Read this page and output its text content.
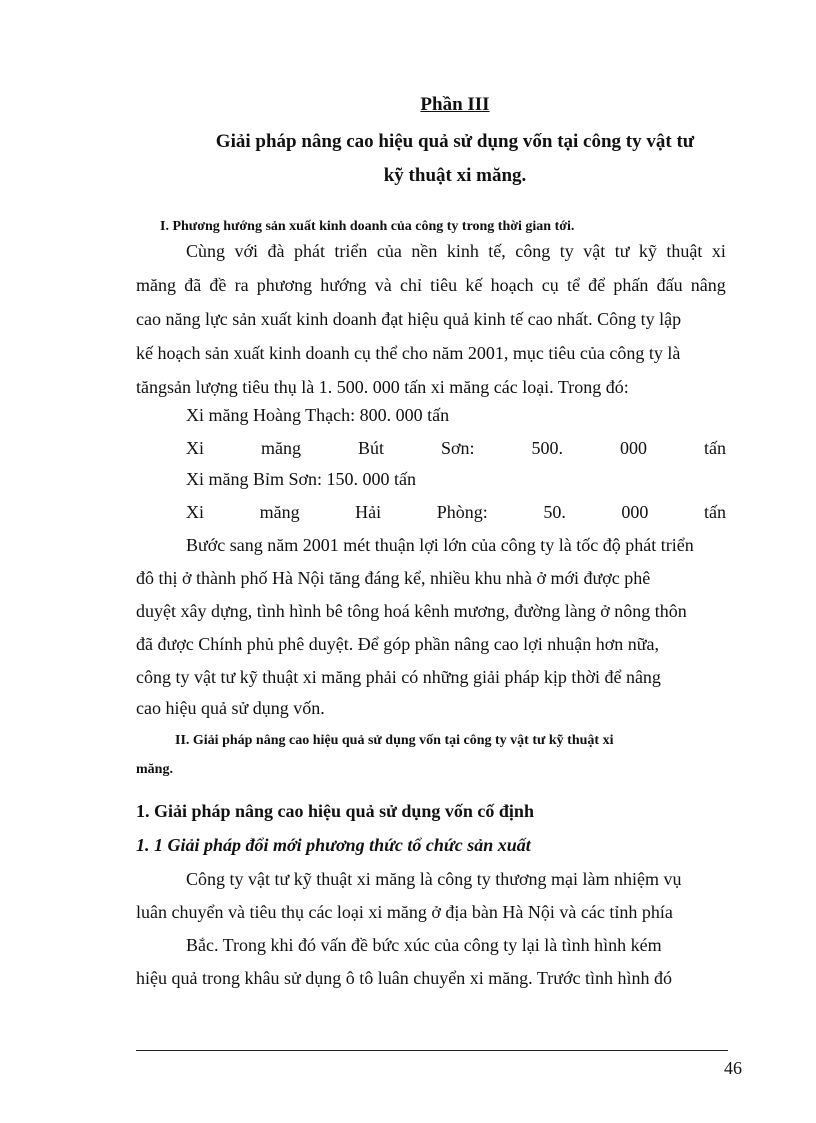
Phần III
Giải pháp nâng cao hiệu quả sử dụng vốn tại công ty vật tư
kỹ thuật xi măng.
I. Phương hướng sản xuất kinh doanh của công ty trong thời gian tới.
Cùng với đà phát triển của nền kinh tế, công ty vật tư kỹ thuật xi
măng đã đề ra phương hướng và chỉ tiêu kế hoạch cụ tể để phấn đấu nâng
cao năng lực sản xuất kinh doanh đạt hiệu quả kinh tế cao nhất. Công ty lập
kế hoạch sản xuất kinh doanh cụ thể cho năm 2001, mục tiêu của công ty là
tăngsản lượng tiêu thụ là 1. 500. 000 tấn xi măng các loại. Trong đó:
Xi măng Hoàng Thạch: 800. 000 tấn
Xi	măng	Bút	Sơn:	500.	000	tấn
Xi măng Bỉm Sơn: 150. 000 tấn
Xi	măng	Hải	Phòng:	50.	000	tấn
Bước sang năm 2001 mét thuận lợi lớn của công ty là tốc độ phát triển
đô thị ở thành phố Hà Nội tăng đáng kể, nhiều khu nhà ở mới được phê
duyệt xây dựng, tình hình bê tông hoá kênh mương, đường làng ở nông thôn
đã được Chính phủ phê duyệt. Để góp phần nâng cao lợi nhuận hơn nữa,
công ty vật tư kỹ thuật xi măng phải có những giải pháp kịp thời để nâng
cao hiệu quả sử dụng vốn.
II. Giải pháp nâng cao hiệu quả sử dụng vốn tại công ty vật tư kỹ thuật xi
măng.
1. Giải pháp nâng cao hiệu quả sử dụng vốn cố định
1. 1 Giải pháp đổi mới phương thức tổ chức sản xuất
Công ty vật tư kỹ thuật xi măng là công ty thương mại làm nhiệm vụ
luân chuyển và tiêu thụ các loại xi măng ở địa bàn Hà Nội và các tỉnh phía
Bắc. Trong khi đó vấn đề bức xúc của công ty lại là tình hình kém
hiệu quả trong khâu sử dụng ô tô luân chuyển xi măng. Trước tình hình đó
46
